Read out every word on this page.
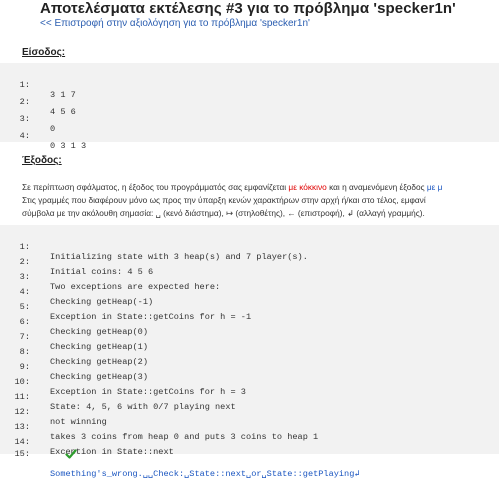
Αποτελέσματα εκτέλεσης #3 για το πρόβλημα 'specker1n'
<< Επιστροφή στην αξιολόγηση για το πρόβλημα 'specker1n'
Είσοδος:

1:

3 1 7

2:

4 5 6

3:

0

4:

0 3 1 3

Έξοδος:
Σε περίπτωση σφάλματος, η έξοδος του προγράμματός σας εμφανίζεται με κόκκινο και η αναμενόμενη έξοδος με μ
Στις γραμμές που διαφέρουν μόνο ως προς την ύπαρξη κενών χαρακτήρων στην αρχή ή/και στο τέλος, εμφανί
σύμβολα με την ακόλουθη σημασία: ␣ (κενό διάστημα), ↦ (στηλοθέτης), ← (επιστροφή), ↲ (αλλαγή γραμμής).

1:

Initializing state with 3 heap(s) and 7 player(s).

2:

Initial coins: 4 5 6

3:

Two exceptions are expected here:

4:

Checking getHeap(-1)

5:

Exception in State::getCoins for h = -1

6:

Checking getHeap(0)

7:

Checking getHeap(1)

8:

Checking getHeap(2)

9:

Checking getHeap(3)

10:

Exception in State::getCoins for h = 3

11:

State: 4, 5, 6 with 0/7 playing next

12:

not winning

13:

takes 3 coins from heap 0 and puts 3 coins to heap 1

14:

Exception in State::next

15:

Something's_wrong.␣␣Check:␣State::next␣or␣State::getPlaying↲
